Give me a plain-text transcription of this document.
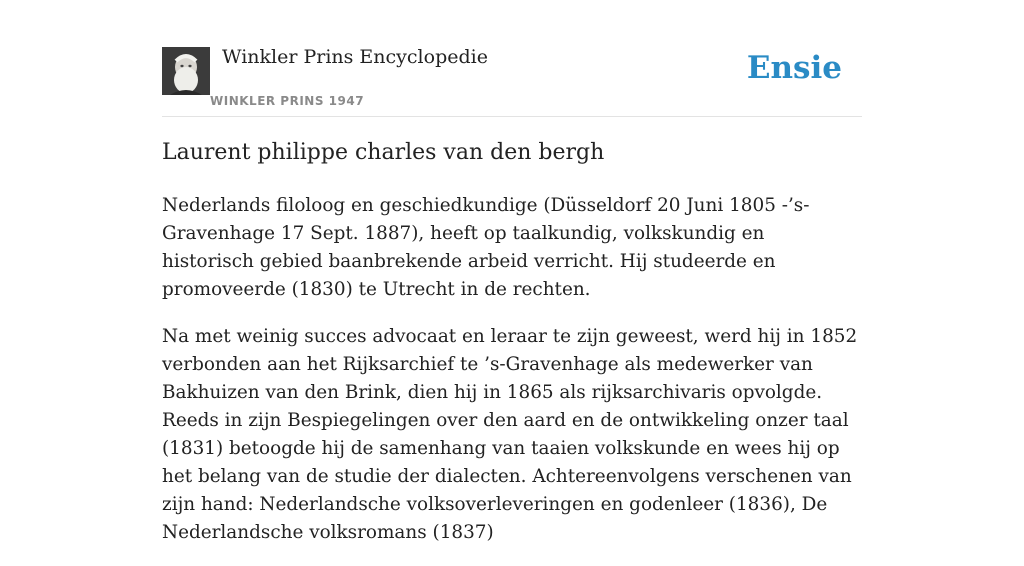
Winkler Prins Encyclopedie
WINKLER PRINS 1947
Ensie
Laurent philippe charles van den bergh

Nederlands filoloog en geschiedkundige (Düsseldorf 20 Juni 1805 -’s-Gravenhage 17 Sept. 1887), heeft op taalkundig, volkskundig en historisch gebied baanbrekende arbeid verricht. Hij studeerde en promoveerde (1830) te Utrecht in de rechten.

Na met weinig succes advocaat en leraar te zijn geweest, werd hij in 1852 verbonden aan het Rijksarchief te ’s-Gravenhage als medewerker van Bakhuizen van den Brink, dien hij in 1865 als rijksarchivaris opvolgde. Reeds in zijn Bespiegelingen over den aard en de ontwikkeling onzer taal (1831) betoogde hij de samenhang van taaien volkskunde en wees hij op het belang van de studie der dialecten. Achtereenvolgens verschenen van zijn hand: Nederlandsche volksoverleveringen en godenleer (1836), De Nederlandsche volksromans (1837)
